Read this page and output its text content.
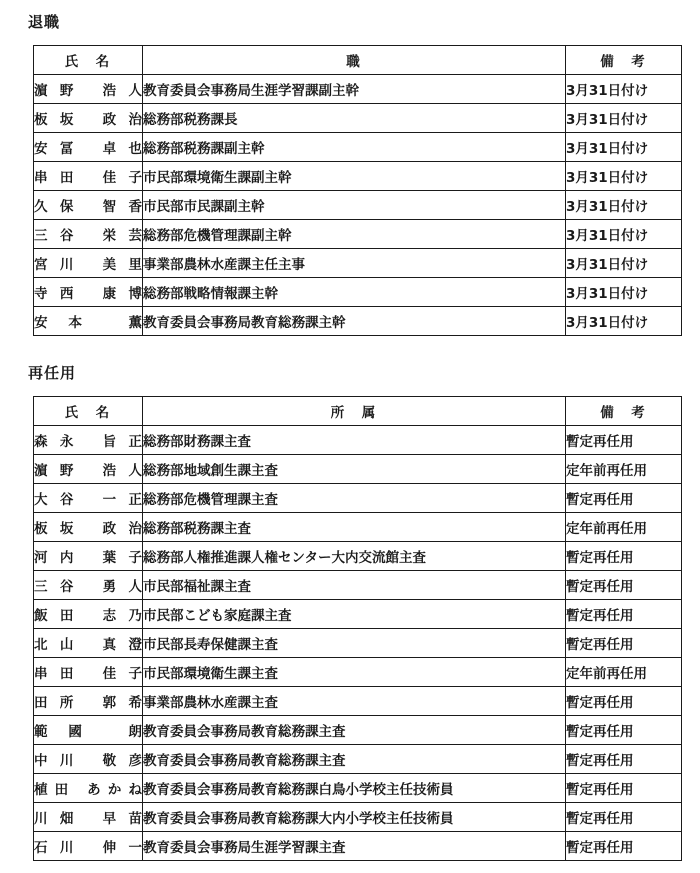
退職
氏　名	職	備　考

濵野 浩人	教育委員会事務局生涯学習課副主幹	3月31日付け

板坂 政治	総務部税務課長	3月31日付け

安冨 卓也	総務部税務課副主幹	3月31日付け

串田 佳子	市民部環境衛生課副主幹	3月31日付け

久保 智香	市民部市民課副主幹	3月31日付け

三谷 栄芸	総務部危機管理課副主幹	3月31日付け

宮川 美里	事業部農林水産課主任主事	3月31日付け

寺西 康博	総務部戦略情報課主幹	3月31日付け

安本 薫	教育委員会事務局教育総務課主幹	3月31日付け
再任用
氏　名	所　属	備　考

森永 旨正	総務部財務課主査	暫定再任用

濵野 浩人	総務部地域創生課主査	定年前再任用

大谷 一正	総務部危機管理課主査	暫定再任用

板坂 政治	総務部税務課主査	定年前再任用

河内 葉子	総務部人権推進課人権センター大内交流館主査	暫定再任用

三谷 勇人	市民部福祉課主査	暫定再任用

飯田 志乃	市民部こども家庭課主査	暫定再任用

北山 真澄	市民部長寿保健課主査	暫定再任用

串田 佳子	市民部環境衛生課主査	定年前再任用

田所 郭希	事業部農林水産課主査	暫定再任用

範國 朗	教育委員会事務局教育総務課主査	暫定再任用

中川 敬彦	教育委員会事務局教育総務課主査	暫定再任用

植田 あかね	教育委員会事務局教育総務課白鳥小学校主任技術員	暫定再任用

川畑 早苗	教育委員会事務局教育総務課大内小学校主任技術員	暫定再任用

石川 伸一	教育委員会事務局生涯学習課主査	暫定再任用
